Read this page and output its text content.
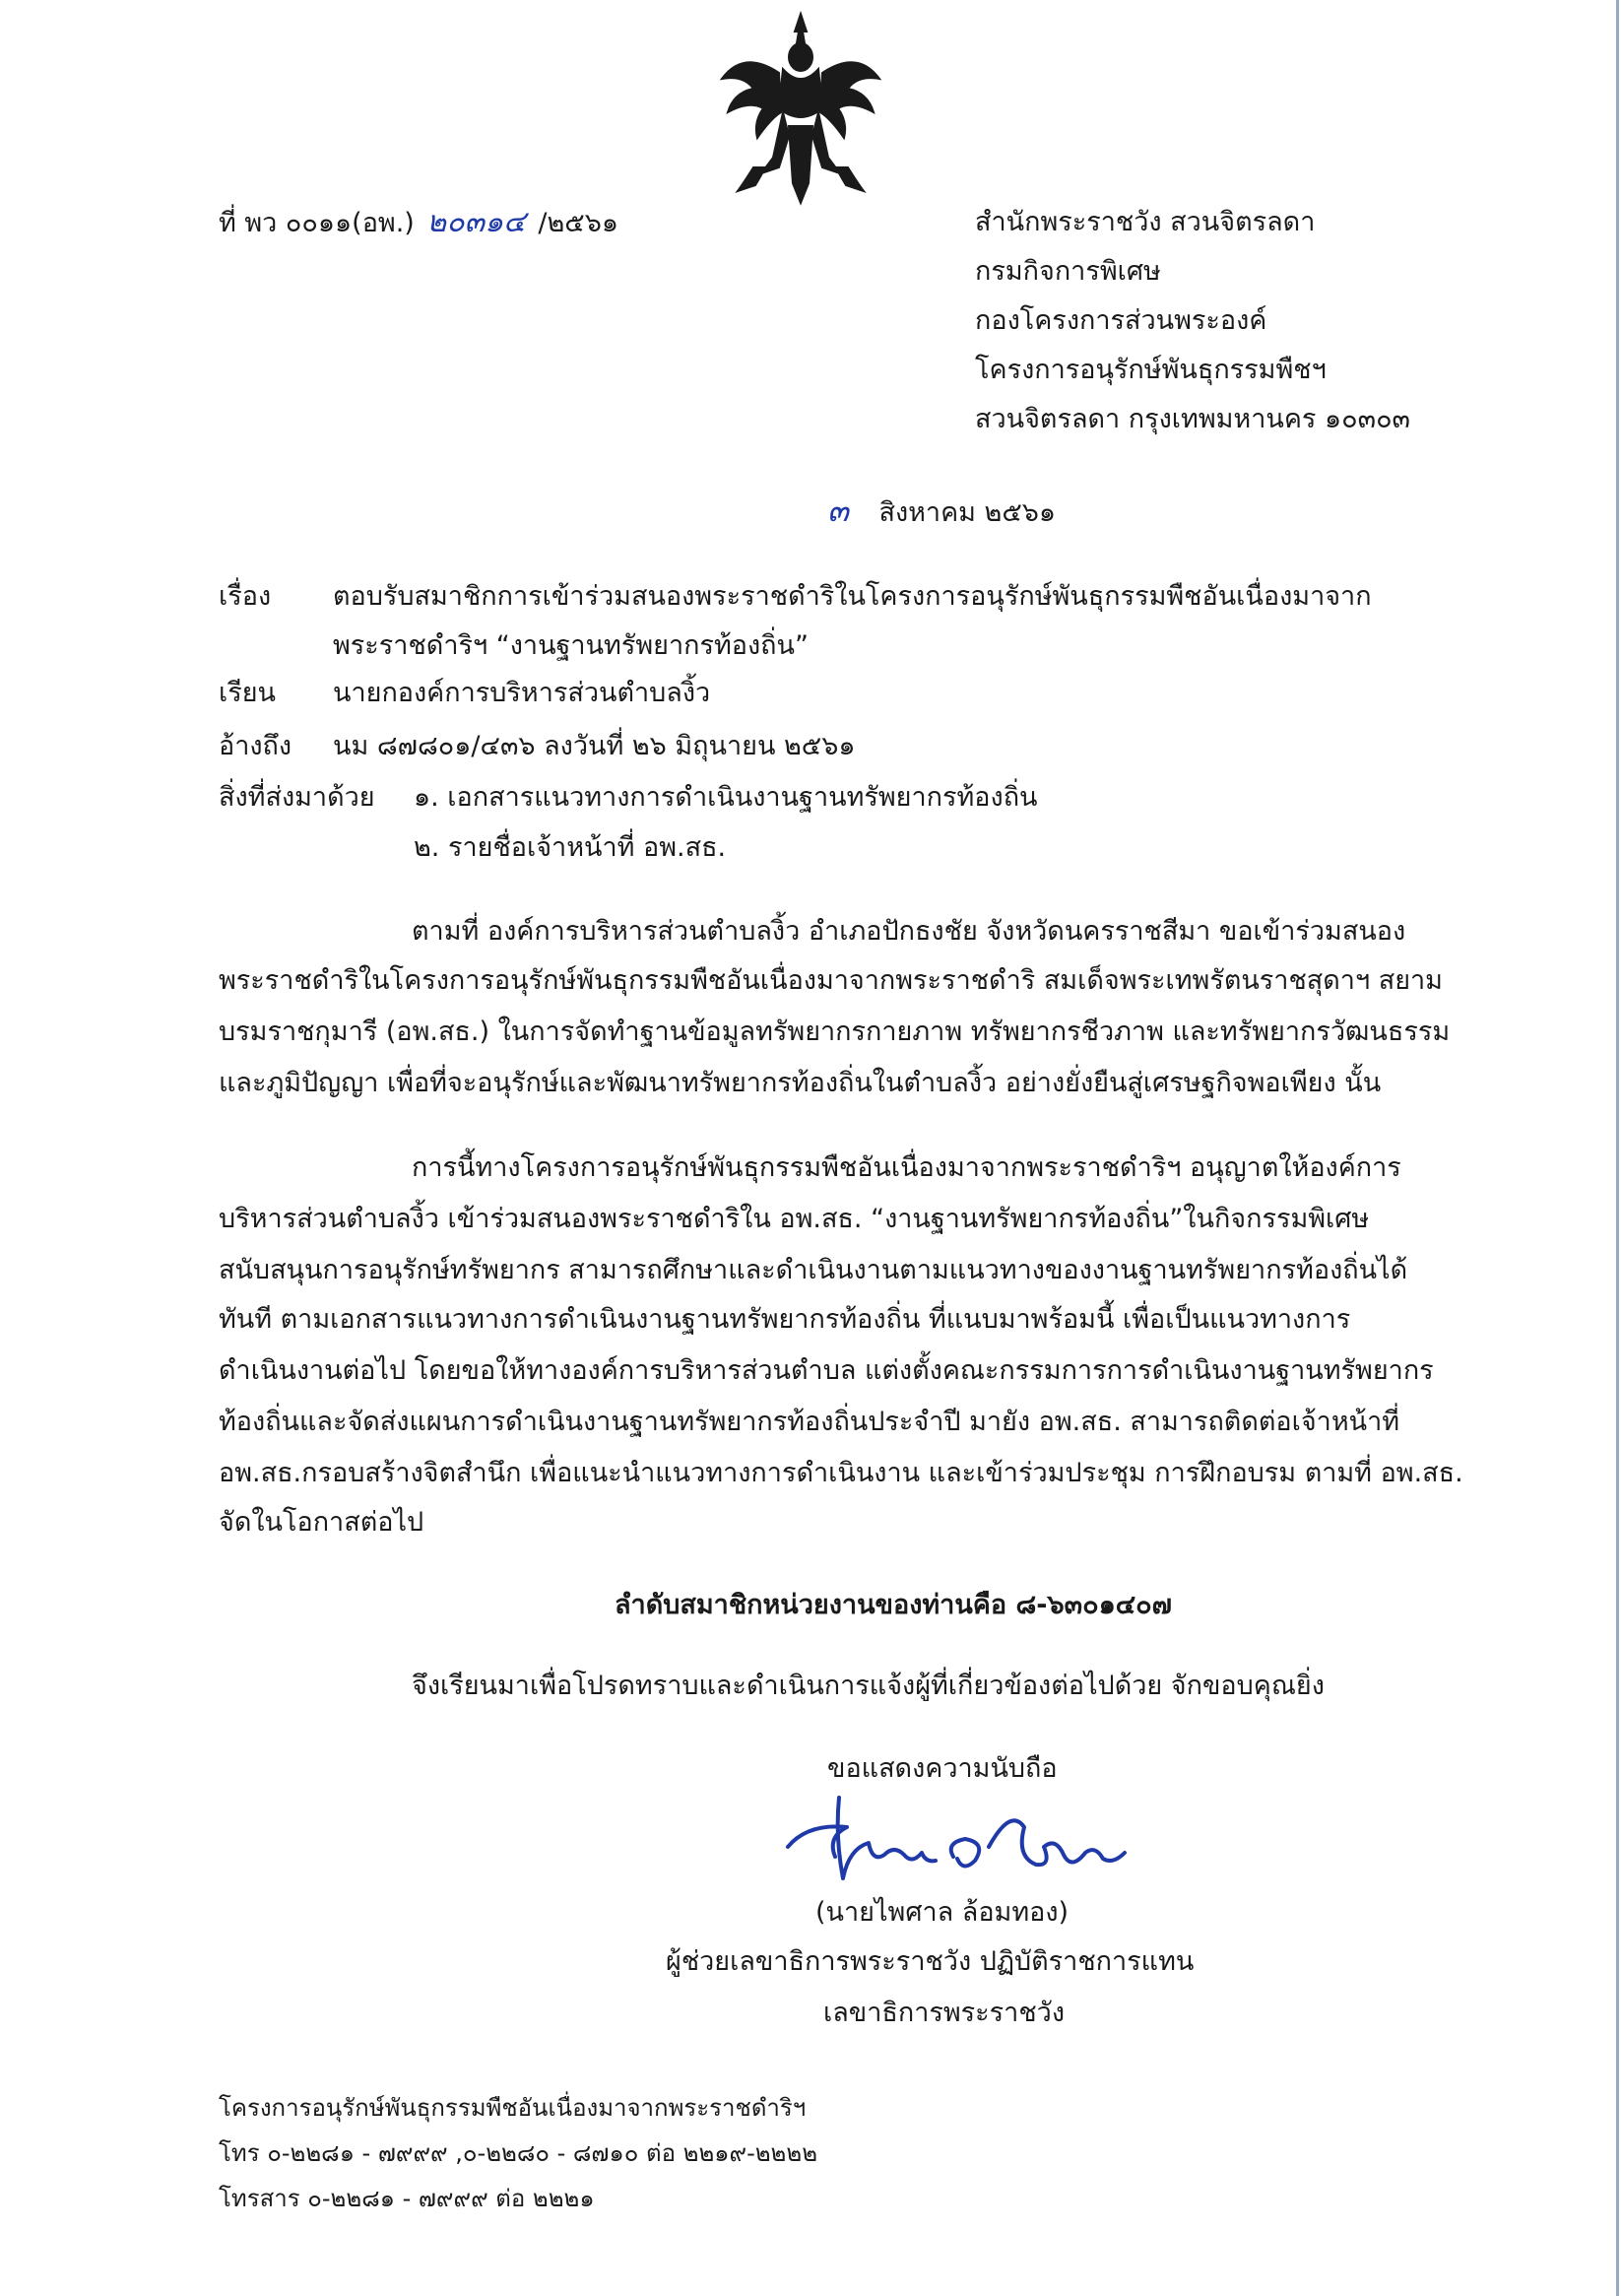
ที่ พว ๐๐๑๑(อพ.) ๒๐๓๑๔ /๒๕๖๑	สำนักพระราชวัง สวนจิตรลดา
กรมกิจการพิเศษ
กองโครงการส่วนพระองค์
โครงการอนุรักษ์พันธุกรรมพืชฯ
สวนจิตรลดา กรุงเทพมหานคร ๑๐๓๐๓
๓ สิงหาคม ๒๕๖๑
เรื่อง ตอบรับสมาชิกการเข้าร่วมสนองพระราชดำริในโครงการอนุรักษ์พันธุกรรมพืชอันเนื่องมาจาก
พระราชดำริฯ “งานฐานทรัพยากรท้องถิ่น”
เรียน นายกองค์การบริหารส่วนตำบลงิ้ว
อ้างถึง นม ๘๗๘๐๑/๔๓๖ ลงวันที่ ๒๖ มิถุนายน ๒๕๖๑
สิ่งที่ส่งมาด้วย ๑. เอกสารแนวทางการดำเนินงานฐานทรัพยากรท้องถิ่น
๒. รายชื่อเจ้าหน้าที่ อพ.สธ.
ตามที่ องค์การบริหารส่วนตำบลงิ้ว อำเภอปักธงชัย จังหวัดนครราชสีมา ขอเข้าร่วมสนอง
พระราชดำริในโครงการอนุรักษ์พันธุกรรมพืชอันเนื่องมาจากพระราชดำริ สมเด็จพระเทพรัตนราชสุดาฯ สยาม
บรมราชกุมารี (อพ.สธ.) ในการจัดทำฐานข้อมูลทรัพยากรกายภาพ ทรัพยากรชีวภาพ และทรัพยากรวัฒนธรรม
และภูมิปัญญา เพื่อที่จะอนุรักษ์และพัฒนาทรัพยากรท้องถิ่นในตำบลงิ้ว อย่างยั่งยืนสู่เศรษฐกิจพอเพียง นั้น
การนี้ทางโครงการอนุรักษ์พันธุกรรมพืชอันเนื่องมาจากพระราชดำริฯ อนุญาตให้องค์การ
บริหารส่วนตำบลงิ้ว เข้าร่วมสนองพระราชดำริใน อพ.สธ. “งานฐานทรัพยากรท้องถิ่น”ในกิจกรรมพิเศษ
สนับสนุนการอนุรักษ์ทรัพยากร สามารถศึกษาและดำเนินงานตามแนวทางของงานฐานทรัพยากรท้องถิ่นได้
ทันที ตามเอกสารแนวทางการดำเนินงานฐานทรัพยากรท้องถิ่น ที่แนบมาพร้อมนี้ เพื่อเป็นแนวทางการ
ดำเนินงานต่อไป โดยขอให้ทางองค์การบริหารส่วนตำบล แต่งตั้งคณะกรรมการการดำเนินงานฐานทรัพยากร
ท้องถิ่นและจัดส่งแผนการดำเนินงานฐานทรัพยากรท้องถิ่นประจำปี มายัง อพ.สธ. สามารถติดต่อเจ้าหน้าที่
อพ.สธ.กรอบสร้างจิตสำนึก เพื่อแนะนำแนวทางการดำเนินงาน และเข้าร่วมประชุม การฝึกอบรม ตามที่ อพ.สธ.
จัดในโอกาสต่อไป
ลำดับสมาชิกหน่วยงานของท่านคือ ๘-๖๓๐๑๔๐๗
จึงเรียนมาเพื่อโปรดทราบและดำเนินการแจ้งผู้ที่เกี่ยวข้องต่อไปด้วย จักขอบคุณยิ่ง
ขอแสดงความนับถือ
(นายไพศาล ล้อมทอง)
ผู้ช่วยเลขาธิการพระราชวัง ปฏิบัติราชการแทน
เลขาธิการพระราชวัง
โครงการอนุรักษ์พันธุกรรมพืชอันเนื่องมาจากพระราชดำริฯ
โทร ๐-๒๒๘๑ - ๗๙๙๙ ,๐-๒๒๘๐ - ๘๗๑๐ ต่อ ๒๒๑๙-๒๒๒๒
โทรสาร ๐-๒๒๘๑ - ๗๙๙๙ ต่อ ๒๒๒๑
